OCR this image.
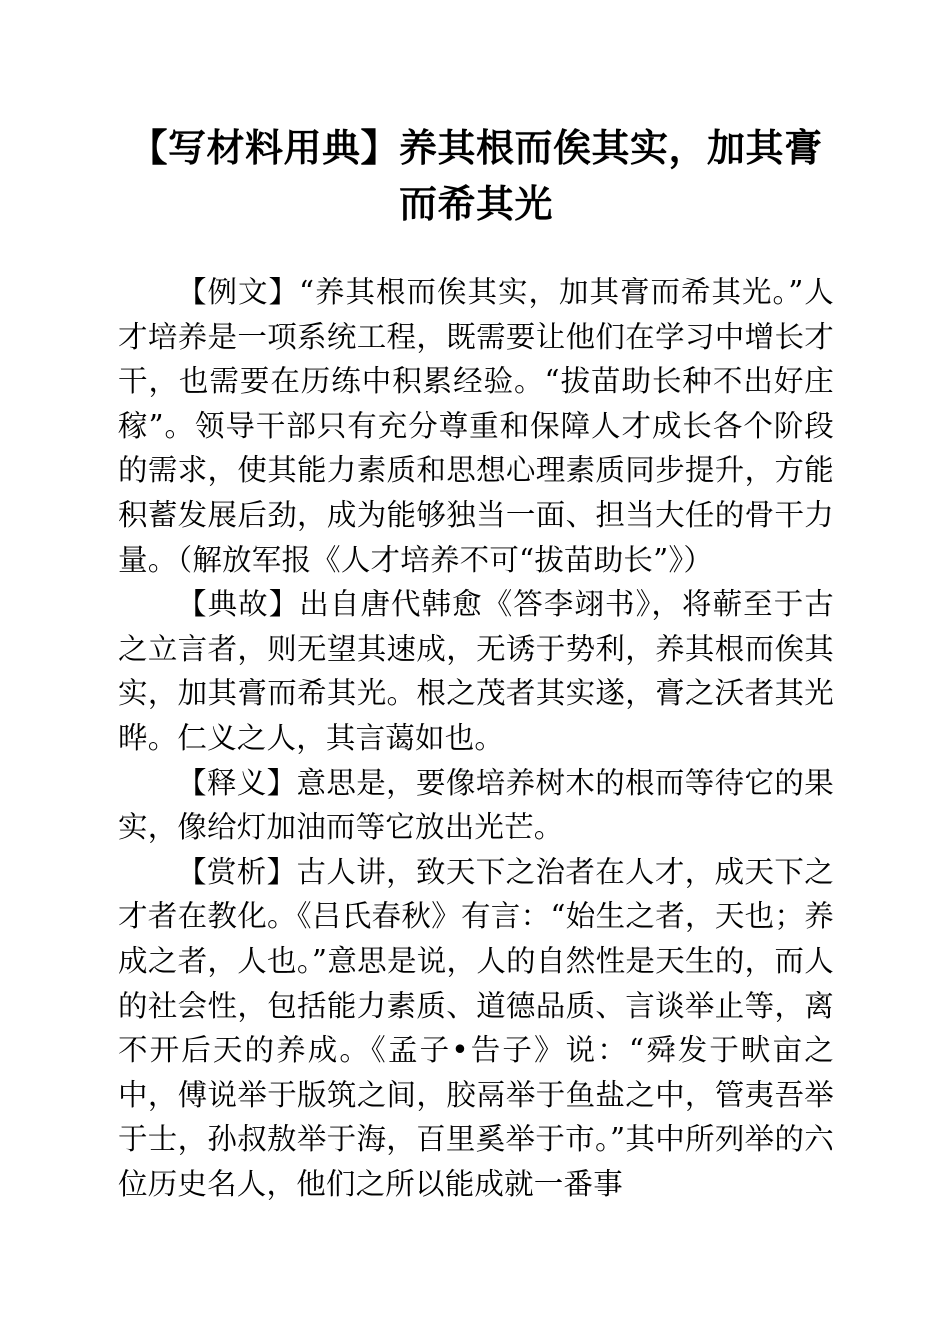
【写材料用典】养其根而俟其实，加其膏而希其光

【例文】“养其根而俟其实，加其膏而希其光。”人才培养是一项系统工程，既需要让他们在学习中增长才干，也需要在历练中积累经验。“拔苗助长种不出好庄稼”。领导干部只有充分尊重和保障人才成长各个阶段的需求，使其能力素质和思想心理素质同步提升，方能积蓄发展后劲，成为能够独当一面、担当大任的骨干力量。（解放军报《人才培养不可“拔苗助长”》）

【典故】出自唐代韩愈《答李翊书》，将蕲至于古之立言者，则无望其速成，无诱于势利，养其根而俟其实，加其膏而希其光。根之茂者其实遂，膏之沃者其光晔。仁义之人，其言蔼如也。

【释义】意思是，要像培养树木的根而等待它的果实，像给灯加油而等它放出光芒。

【赏析】古人讲，致天下之治者在人才，成天下之才者在教化。《吕氏春秋》有言：“始生之者，天也；养成之者，人也。”意思是说，人的自然性是天生的，而人的社会性，包括能力素质、道德品质、言谈举止等，离不开后天的养成。《孟子•告子》说：“舜发于畎亩之中，傅说举于版筑之间，胶鬲举于鱼盐之中，管夷吾举于士，孙叔敖举于海，百里奚举于市。”其中所列举的六位历史名人，他们之所以能成就一番事
